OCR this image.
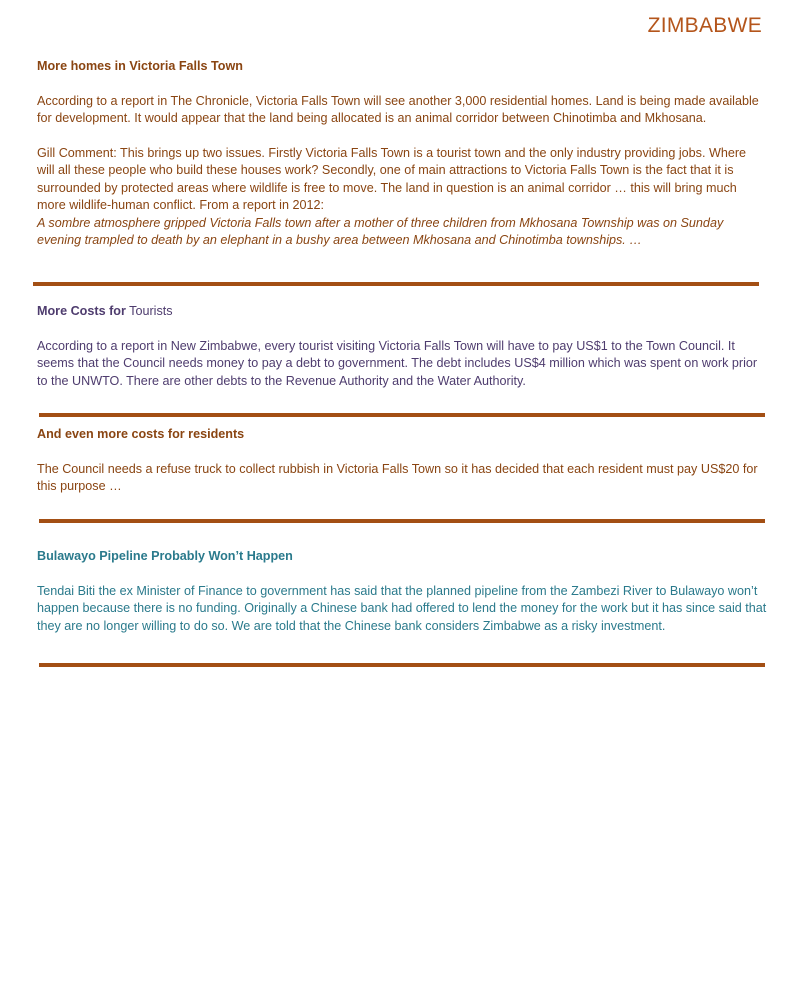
ZIMBABWE

More homes in Victoria Falls Town

According to a report in The Chronicle, Victoria Falls Town will see another 3,000 residential homes. Land is being made available for development. It would appear that the land being allocated is an animal corridor between Chinotimba and Mkhosana.

Gill Comment: This brings up two issues. Firstly Victoria Falls Town is a tourist town and the only industry providing jobs. Where will all these people who build these houses work? Secondly, one of main attractions to Victoria Falls Town is the fact that it is surrounded by protected areas where wildlife is free to move. The land in question is an animal corridor … this will bring much more wildlife-human conflict. From a report in 2012:

A sombre atmosphere gripped Victoria Falls town after a mother of three children from Mkhosana Township was on Sunday evening trampled to death by an elephant in a bushy area between Mkhosana and Chinotimba townships. …

More Costs for Tourists

According to a report in New Zimbabwe, every tourist visiting Victoria Falls Town will have to pay US$1 to the Town Council. It seems that the Council needs money to pay a debt to government. The debt includes US$4 million which was spent on work prior to the UNWTO. There are other debts to the Revenue Authority and the Water Authority.

And even more costs for residents

The Council needs a refuse truck to collect rubbish in Victoria Falls Town so it has decided that each resident must pay US$20 for this purpose …

Bulawayo Pipeline Probably Won’t Happen

Tendai Biti the ex Minister of Finance to government has said that the planned pipeline from the Zambezi River to Bulawayo won’t happen because there is no funding. Originally a Chinese bank had offered to lend the money for the work but it has since said that they are no longer willing to do so. We are told that the Chinese bank considers Zimbabwe as a risky investment.
